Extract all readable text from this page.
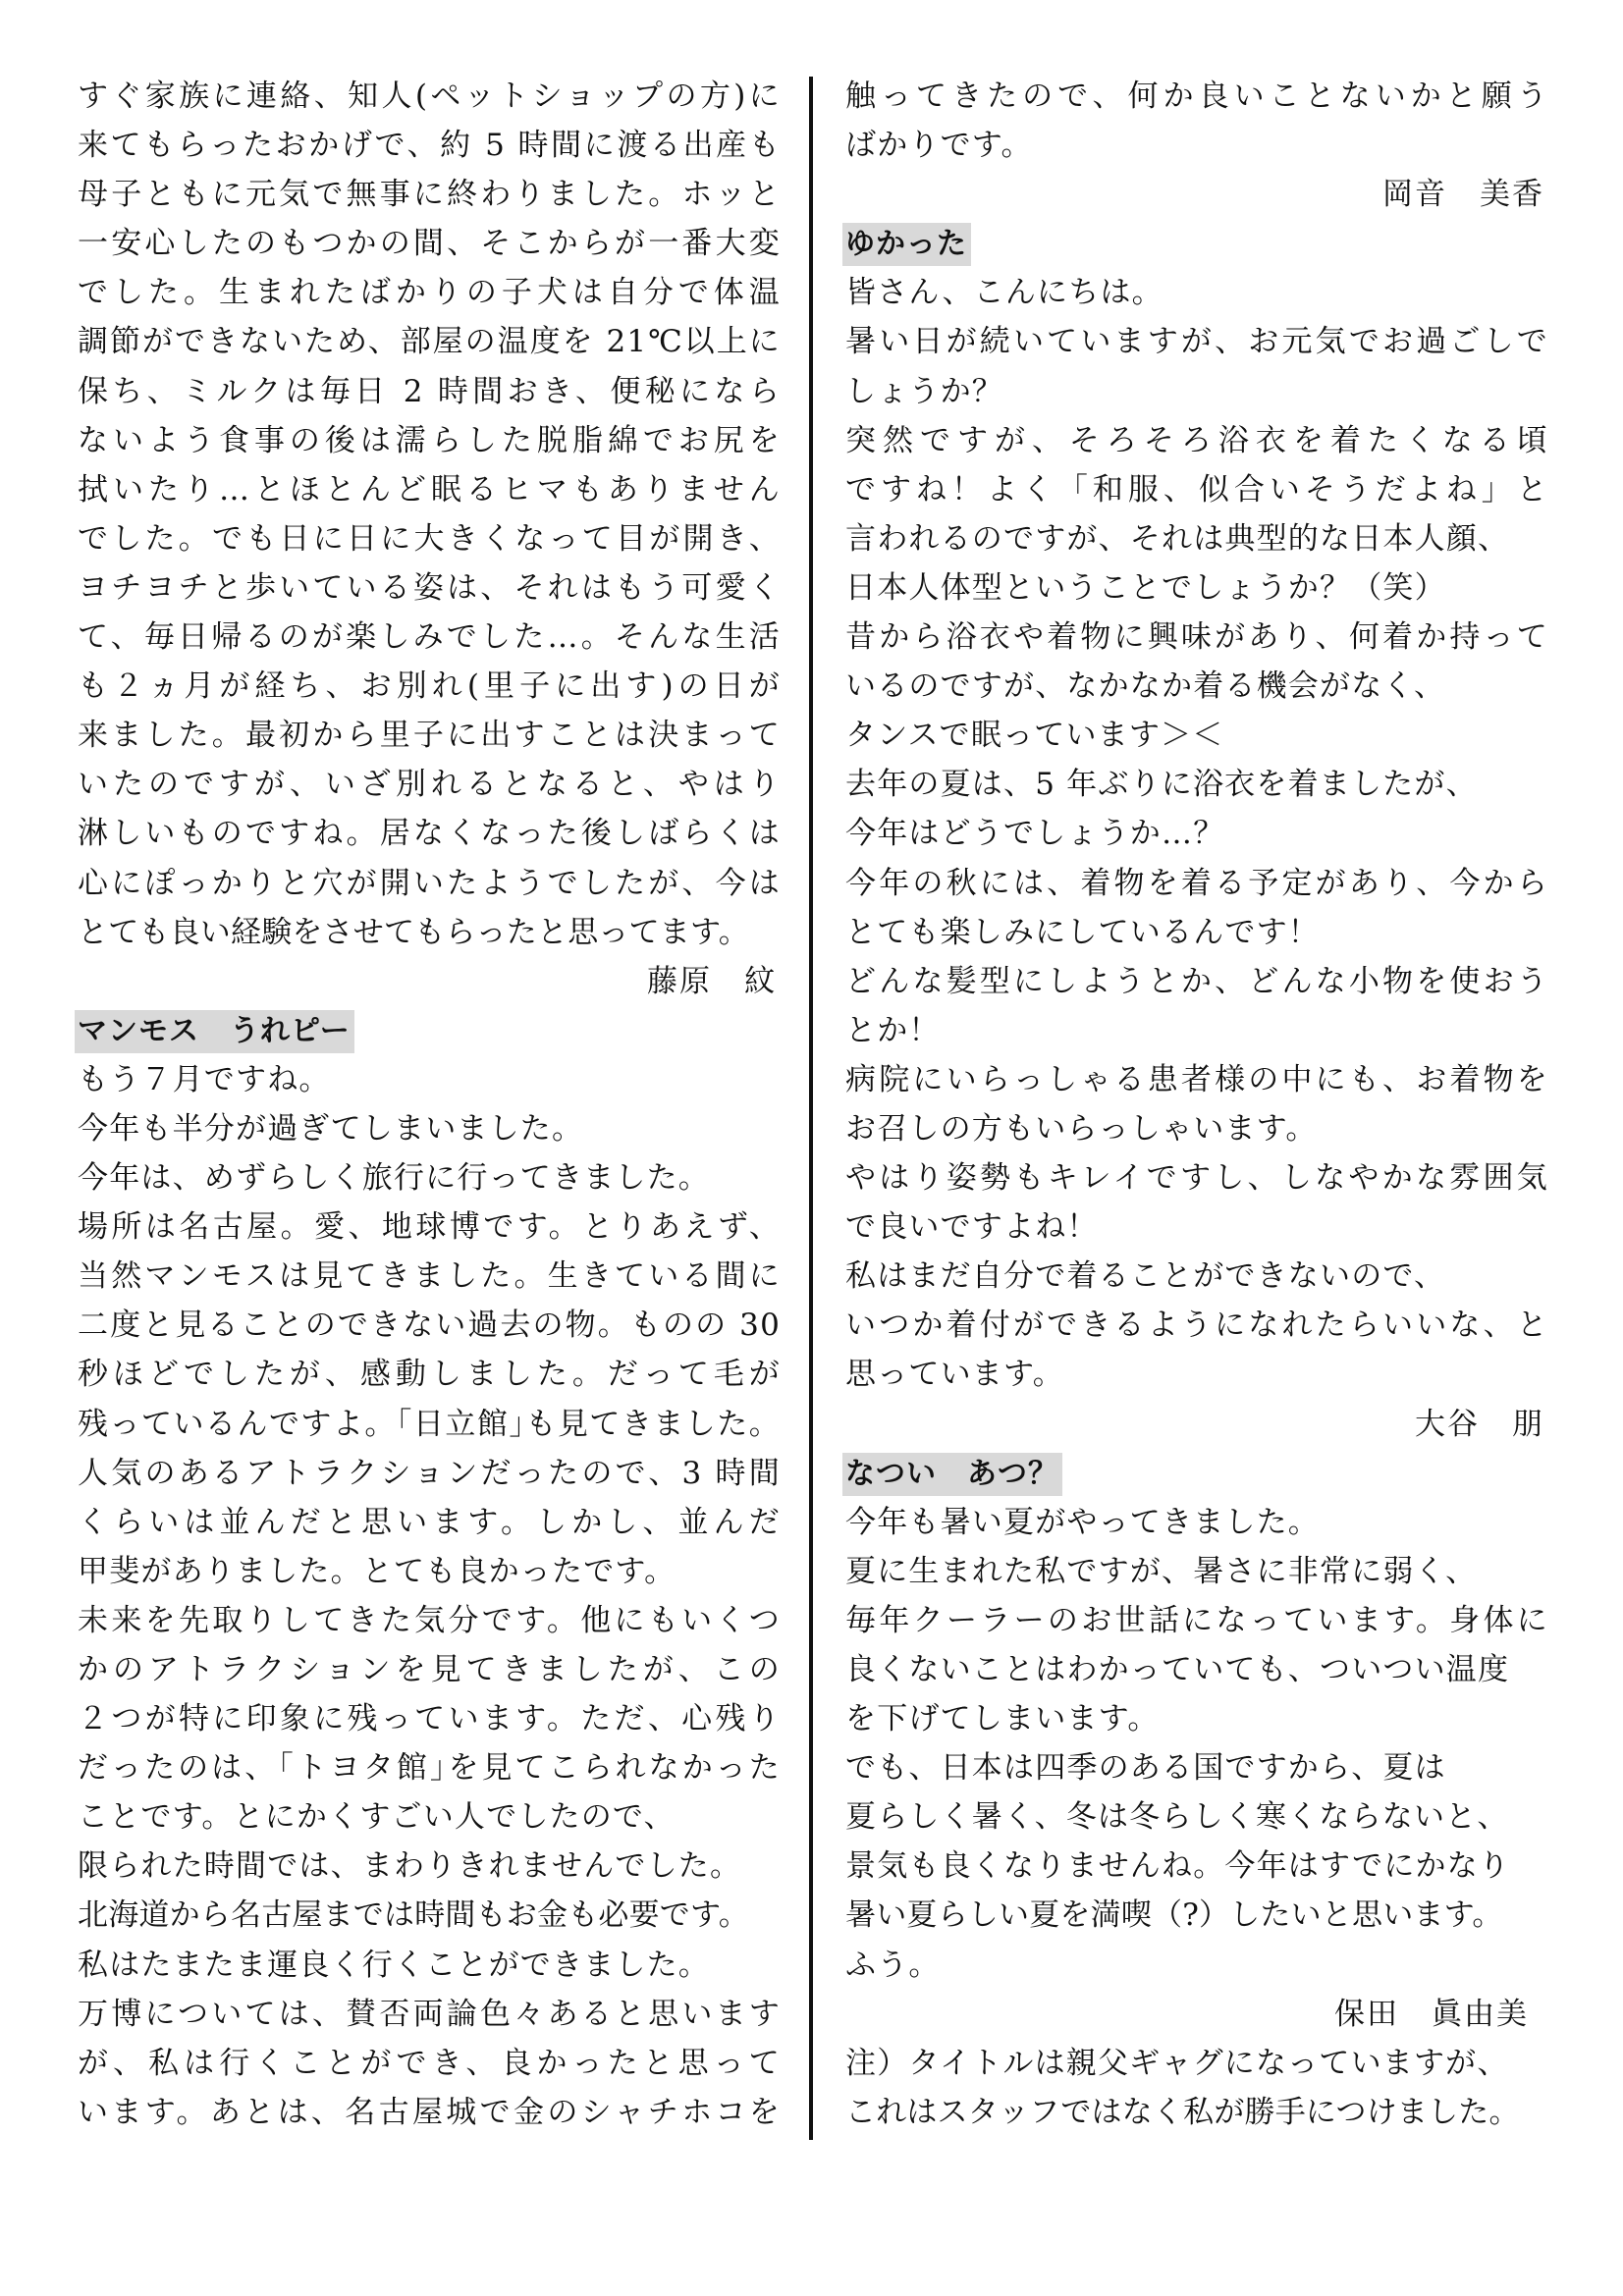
すぐ家族に連絡、知人(ペットショップの方)に
来てもらったおかげで、約 5 時間に渡る出産も
母子ともに元気で無事に終わりました。ホッと
一安心したのもつかの間、そこからが一番大変
でした。生まれたばかりの子犬は自分で体温
調節ができないため、部屋の温度を 21℃以上に
保ち、ミルクは毎日 2 時間おき、便秘になら
ないよう食事の後は濡らした脱脂綿でお尻を
拭いたり…とほとんど眠るヒマもありません
でした。でも日に日に大きくなって目が開き、
ヨチヨチと歩いている姿は、それはもう可愛く
て、毎日帰るのが楽しみでした…。そんな生活
も２ヵ月が経ち、お別れ(里子に出す)の日が
来ました。最初から里子に出すことは決まって
いたのですが、いざ別れるとなると、やはり
淋しいものですね。居なくなった後しばらくは
心にぽっかりと穴が開いたようでしたが、今は
とても良い経験をさせてもらったと思ってます。
藤原　紋
マンモス　うれピー
もう７月ですね。
今年も半分が過ぎてしまいました。
今年は、めずらしく旅行に行ってきました。
場所は名古屋。愛、地球博です。とりあえず、
当然マンモスは見てきました。生きている間に
二度と見ることのできない過去の物。ものの 30
秒ほどでしたが、感動しました。だって毛が
残っているんですよ。｢日立館｣も見てきました。
人気のあるアトラクションだったので、3 時間
くらいは並んだと思います。しかし、並んだ
甲斐がありました。とても良かったです。
未来を先取りしてきた気分です。他にもいくつ
かのアトラクションを見てきましたが、この
２つが特に印象に残っています。ただ、心残り
だったのは、｢トヨタ館｣を見てこられなかった
ことです。とにかくすごい人でしたので、
限られた時間では、まわりきれませんでした。
北海道から名古屋までは時間もお金も必要です。
私はたまたま運良く行くことができました。
万博については、賛否両論色々あると思います
が、私は行くことができ、良かったと思って
います。あとは、名古屋城で金のシャチホコを
触ってきたので、何か良いことないかと願う
ばかりです。
岡音　美香
ゆかった
皆さん、こんにちは。
暑い日が続いていますが、お元気でお過ごしで
しょうか？
突然ですが、そろそろ浴衣を着たくなる頃
ですね！よく「和服、似合いそうだよね」と
言われるのですが、それは典型的な日本人顔、
日本人体型ということでしょうか？（笑）
昔から浴衣や着物に興味があり、何着か持って
いるのですが、なかなか着る機会がなく、
タンスで眠っています＞＜
去年の夏は、5 年ぶりに浴衣を着ましたが、
今年はどうでしょうか…？
今年の秋には、着物を着る予定があり、今から
とても楽しみにしているんです！
どんな髪型にしようとか、どんな小物を使おう
とか！
病院にいらっしゃる患者様の中にも、お着物を
お召しの方もいらっしゃいます。
やはり姿勢もキレイですし、しなやかな雰囲気
で良いですよね！
私はまだ自分で着ることができないので、
いつか着付ができるようになれたらいいな、と
思っています。
大谷　朋
なつい　あつ？
今年も暑い夏がやってきました。
夏に生まれた私ですが、暑さに非常に弱く、
毎年クーラーのお世話になっています。身体に
良くないことはわかっていても、ついつい温度
を下げてしまいます。
でも、日本は四季のある国ですから、夏は
夏らしく暑く、冬は冬らしく寒くならないと、
景気も良くなりませんね。今年はすでにかなり
暑い夏らしい夏を満喫（?）したいと思います。
ふう。
保田　眞由美
注）タイトルは親父ギャグになっていますが、
これはスタッフではなく私が勝手につけました。
